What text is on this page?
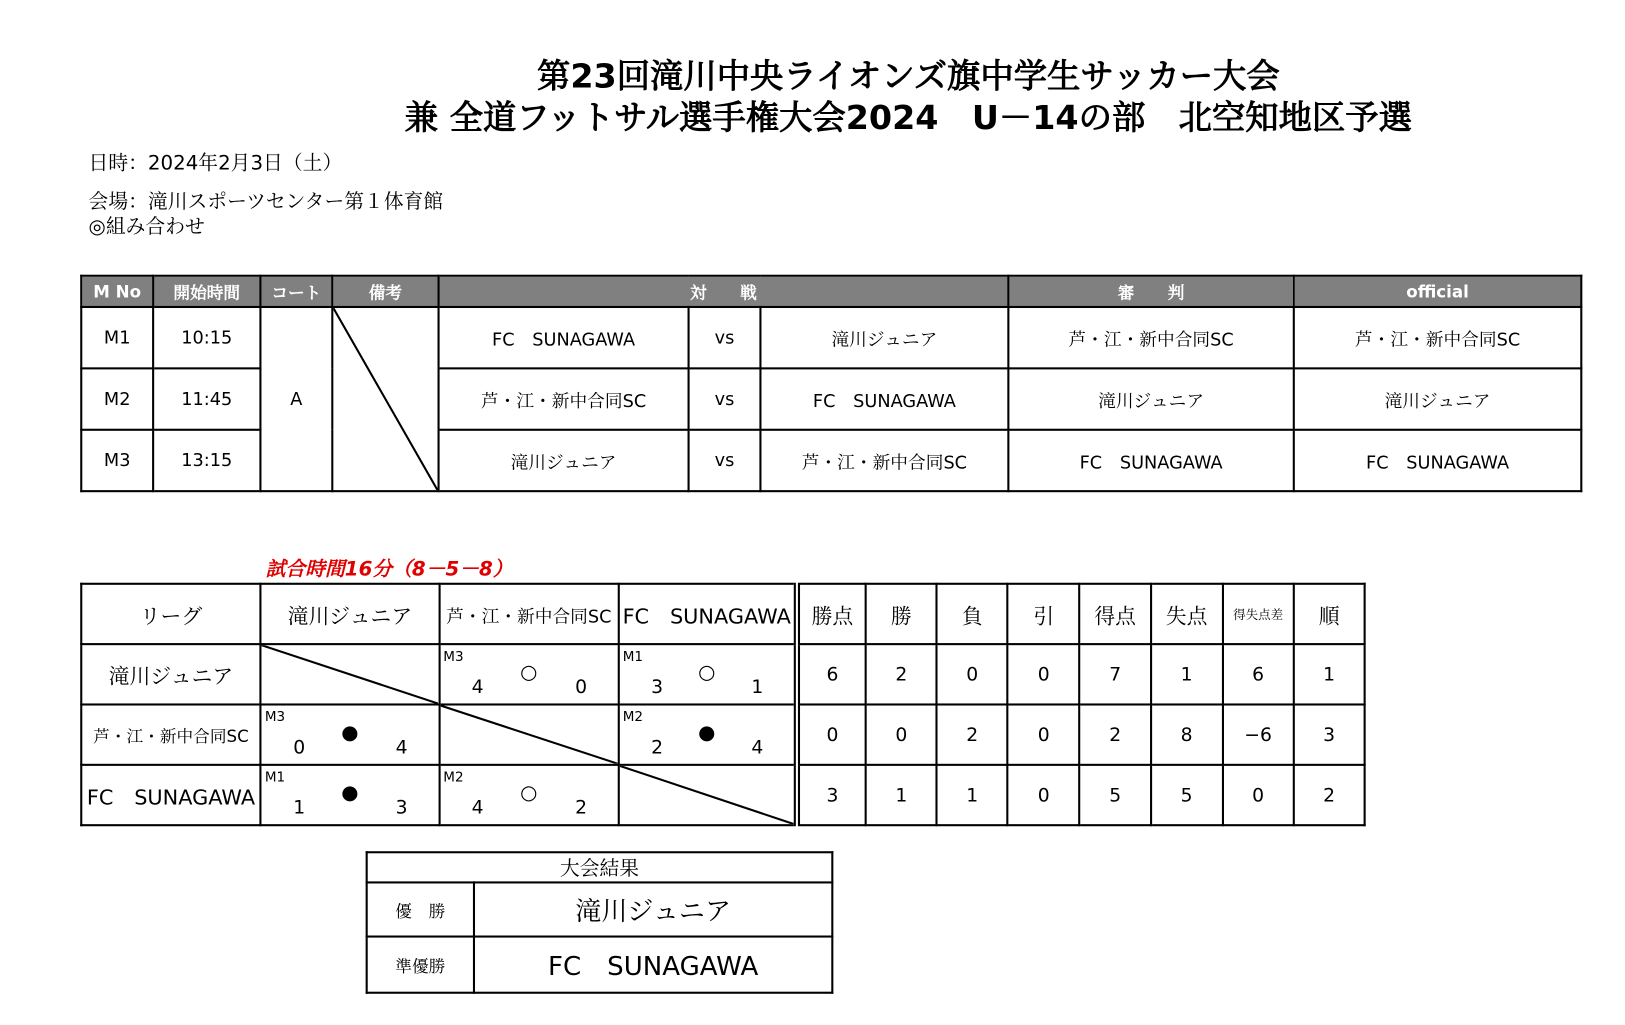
第23回滝川中央ライオンズ旗中学生サッカー大会
兼 全道フットサル選手権大会2024　U－14の部　北空知地区予選
日時：2024年2月3日（土）
会場：滝川スポーツセンター第１体育館
◎組み合わせ
M No	開始時間	コート	備考	対　　戦			審　　判	official
M1	10:15	A		FC　SUNAGAWA	vs	滝川ジュニア	芦・江・新中合同SC	芦・江・新中合同SC
M2	11:45			芦・江・新中合同SC	vs	FC　SUNAGAWA	滝川ジュニア	滝川ジュニア
M3	13:15			滝川ジュニア	vs	芦・江・新中合同SC	FC　SUNAGAWA	FC　SUNAGAWA
試合時間16分（8－5－8）
リーグ	滝川ジュニア	芦・江・新中合同SC	FC　SUNAGAWA	勝点	勝	負	引	得点	失点	得失点差	順
滝川ジュニア		M3
4
○
0	M1
3
○
1	6	2	0	0	7	1	6	1
芦・江・新中合同SC	M3
0
●
4		M2
2
●
4	0	0	2	0	2	8	−6	3
FC　SUNAGAWA	M1
1
●
3	M2
4
○
2		3	1	1	0	5	5	0	2
大会結果	
優　勝	滝川ジュニア
準優勝	FC　SUNAGAWA
